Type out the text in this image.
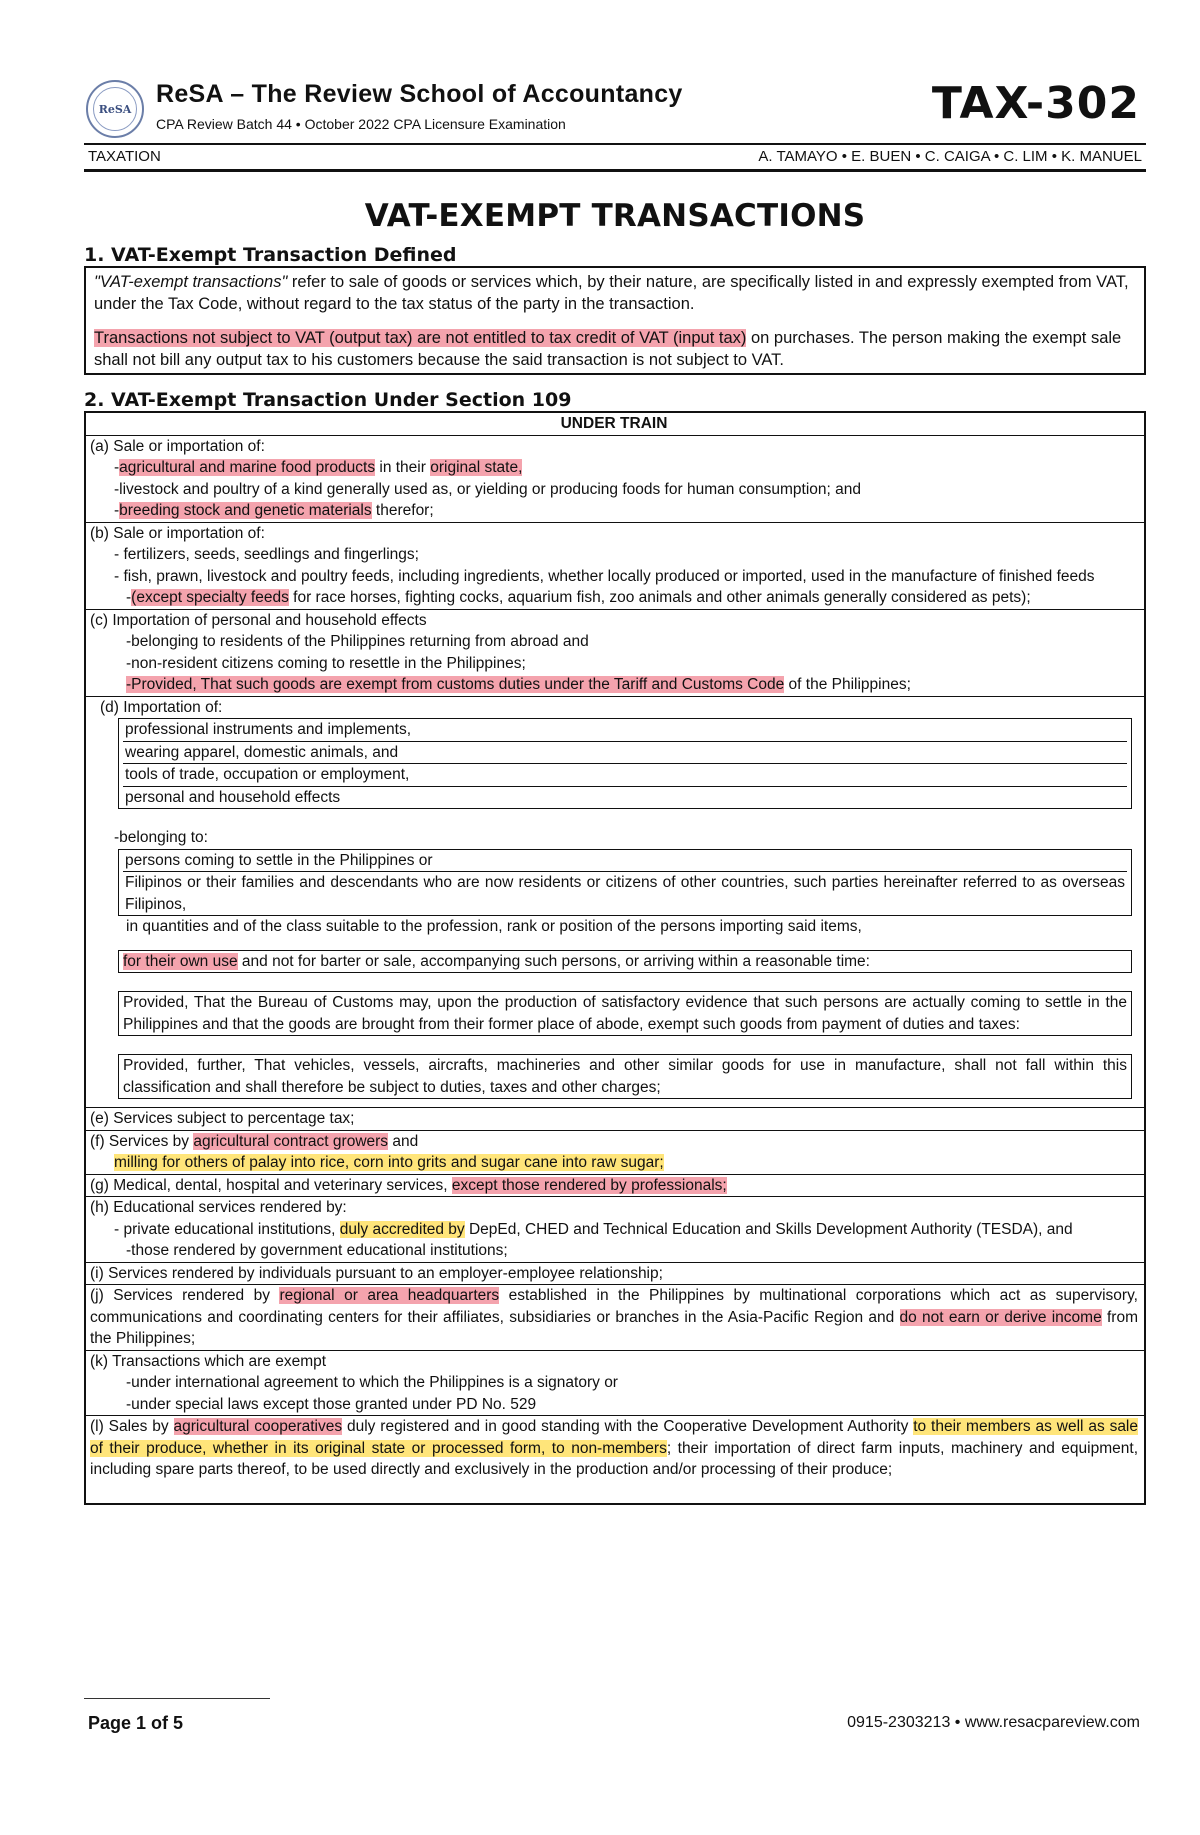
ReSA
ReSA – The Review School of Accountancy
CPA Review Batch 44 • October 2022 CPA Licensure Examination	TAX-302
TAXATION	A. TAMAYO • E. BUEN • C. CAIGA • C. LIM • K. MANUEL
VAT-EXEMPT TRANSACTIONS
1. VAT-Exempt Transaction Defined

"VAT-exempt transactions" refer to sale of goods or services which, by their nature, are specifically listed in and expressly exempted from VAT, under the Tax Code, without regard to the tax status of the party in the transaction.

Transactions not subject to VAT (output tax) are not entitled to tax credit of VAT (input tax) on purchases. The person making the exempt sale shall not bill any output tax to his customers because the said transaction is not subject to VAT.

2. VAT-Exempt Transaction Under Section 109
UNDER TRAIN
(a) Sale or importation of:
-agricultural and marine food products in their original state,
-livestock and poultry of a kind generally used as, or yielding or producing foods for human consumption; and
-breeding stock and genetic materials therefor;
(b) Sale or importation of:
- fertilizers, seeds, seedlings and fingerlings;
- fish, prawn, livestock and poultry feeds, including ingredients, whether locally produced or imported, used in the manufacture of finished feeds
-(except specialty feeds for race horses, fighting cocks, aquarium fish, zoo animals and other animals generally considered as pets);
(c) Importation of personal and household effects
-belonging to residents of the Philippines returning from abroad and
-non-resident citizens coming to resettle in the Philippines;
-Provided, That such goods are exempt from customs duties under the Tariff and Customs Code of the Philippines;
(d) Importation of:
professional instruments and implements,
wearing apparel, domestic animals, and
tools of trade, occupation or employment,
personal and household effects
-belonging to:
persons coming to settle in the Philippines or
Filipinos or their families and descendants who are now residents or citizens of other countries, such parties hereinafter referred to as overseas Filipinos,
in quantities and of the class suitable to the profession, rank or position of the persons importing said items,
for their own use and not for barter or sale, accompanying such persons, or arriving within a reasonable time:
Provided, That the Bureau of Customs may, upon the production of satisfactory evidence that such persons are actually coming to settle in the Philippines and that the goods are brought from their former place of abode, exempt such goods from payment of duties and taxes:
Provided, further, That vehicles, vessels, aircrafts, machineries and other similar goods for use in manufacture, shall not fall within this classification and shall therefore be subject to duties, taxes and other charges;
(e) Services subject to percentage tax;
(f) Services by agricultural contract growers and
milling for others of palay into rice, corn into grits and sugar cane into raw sugar;
(g) Medical, dental, hospital and veterinary services, except those rendered by professionals;
(h) Educational services rendered by:
- private educational institutions, duly accredited by DepEd, CHED and Technical Education and Skills Development Authority (TESDA), and
-those rendered by government educational institutions;
(i) Services rendered by individuals pursuant to an employer-employee relationship;
(j) Services rendered by regional or area headquarters established in the Philippines by multinational corporations which act as supervisory, communications and coordinating centers for their affiliates, subsidiaries or branches in the Asia-Pacific Region and do not earn or derive income from the Philippines;
(k) Transactions which are exempt
-under international agreement to which the Philippines is a signatory or
-under special laws except those granted under PD No. 529
(l) Sales by agricultural cooperatives duly registered and in good standing with the Cooperative Development Authority to their members as well as sale of their produce, whether in its original state or processed form, to non-members; their importation of direct farm inputs, machinery and equipment, including spare parts thereof, to be used directly and exclusively in the production and/or processing of their produce;
Page 1 of 5	0915-2303213 • www.resacpareview.com
